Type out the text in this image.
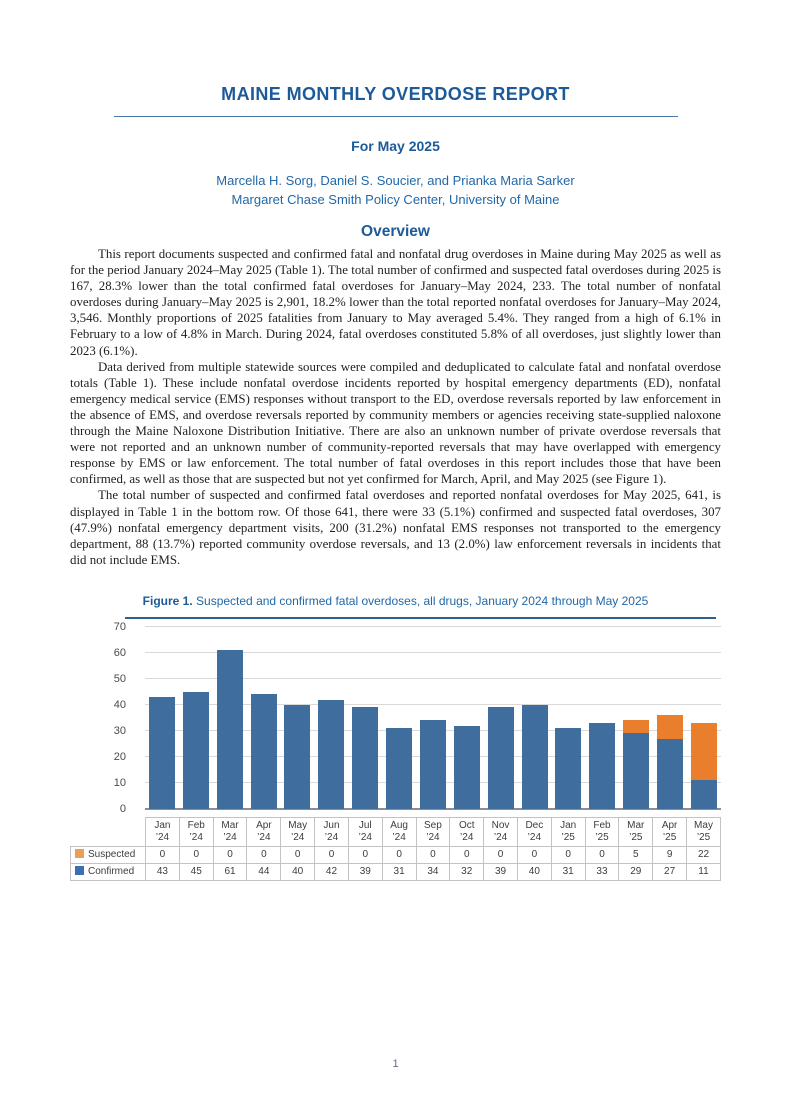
MAINE MONTHLY OVERDOSE REPORT
For May 2025

Marcella H. Sorg, Daniel S. Soucier, and Prianka Maria Sarker

Margaret Chase Smith Policy Center, University of Maine

Overview

This report documents suspected and confirmed fatal and nonfatal drug overdoses in Maine during May 2025 as well as for the period January 2024–May 2025 (Table 1). The total number of confirmed and suspected fatal overdoses during 2025 is 167, 28.3% lower than the total confirmed fatal overdoses for January–May 2024, 233. The total number of nonfatal overdoses during January–May 2025 is 2,901, 18.2% lower than the total reported nonfatal overdoses for January–May 2024, 3,546. Monthly proportions of 2025 fatalities from January to May averaged 5.4%. They ranged from a high of 6.1% in February to a low of 4.8% in March. During 2024, fatal overdoses constituted 5.8% of all overdoses, just slightly lower than 2023 (6.1%).

Data derived from multiple statewide sources were compiled and deduplicated to calculate fatal and nonfatal overdose totals (Table 1). These include nonfatal overdose incidents reported by hospital emergency departments (ED), nonfatal emergency medical service (EMS) responses without transport to the ED, overdose reversals reported by law enforcement in the absence of EMS, and overdose reversals reported by community members or agencies receiving state-supplied naloxone through the Maine Naloxone Distribution Initiative. There are also an unknown number of private overdose reversals that were not reported and an unknown number of community-reported reversals that may have overlapped with emergency response by EMS or law enforcement. The total number of fatal overdoses in this report includes those that have been confirmed, as well as those that are suspected but not yet confirmed for March, April, and May 2025 (see Figure 1).

The total number of suspected and confirmed fatal overdoses and reported nonfatal overdoses for May 2025, 641, is displayed in Table 1 in the bottom row. Of those 641, there were 33 (5.1%) confirmed and suspected fatal overdoses, 307 (47.9%) nonfatal emergency department visits, 200 (31.2%) nonfatal EMS responses not transported to the emergency department, 88 (13.7%) reported community overdose reversals, and 13 (2.0%) law enforcement reversals in incidents that did not include EMS.

Figure 1. Suspected and confirmed fatal overdoses, all drugs, January 2024 through May 2025

0
10
20
30
40
50
60
70

Jan
’24

Feb
’24

Mar
’24

Apr
’24

May
’24

Jun
’24

Jul
’24

Aug
’24

Sep
’24

Oct
’24

Nov
’24

Dec
’24

Jan
’25

Feb
’25

Mar
’25

Apr
’25

May
’25

Suspected	0	0	0	0	0	0	0	0	0	0	0	0	0	0	5	9	22
Confirmed	43	45	61	44	40	42	39	31	34	32	39	40	31	33	29	27	11
1
